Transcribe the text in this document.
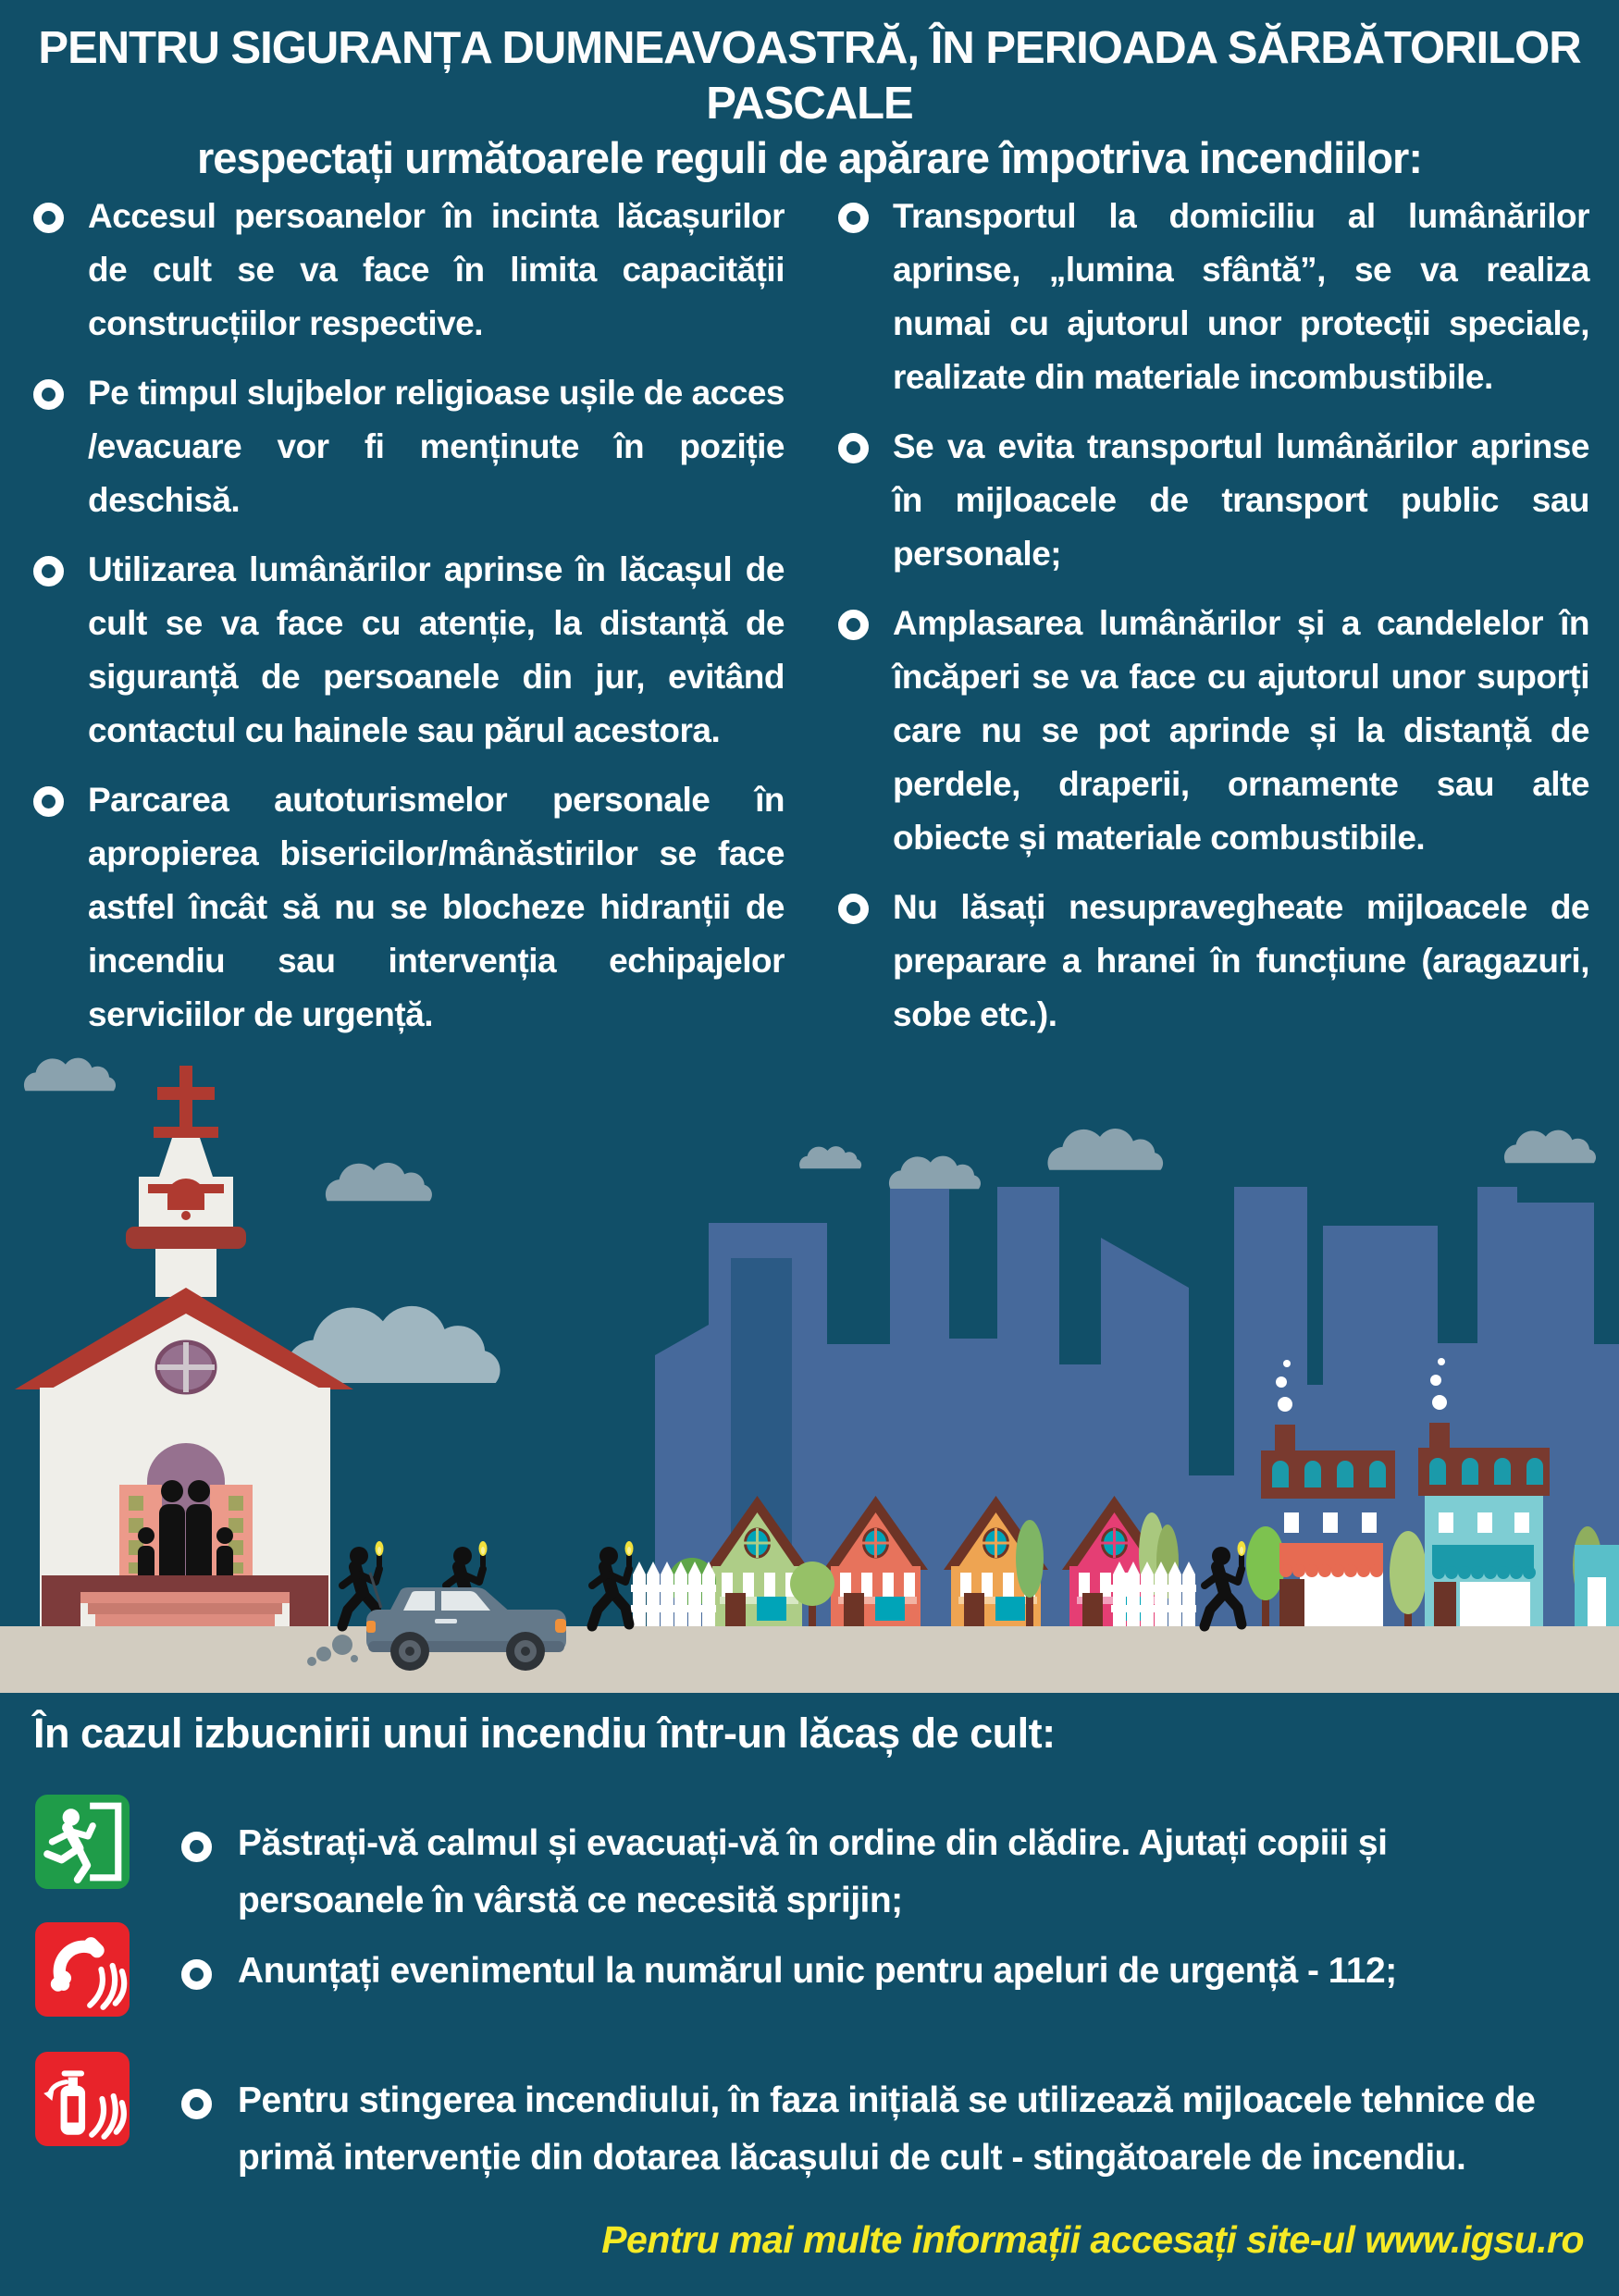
PENTRU SIGURANȚA DUMNEAVOASTRĂ, ÎN PERIOADA SĂRBĂTORILOR PASCALE
respectați următoarele reguli de apărare împotriva incendiilor:

Accesul persoanelor în incinta lăcașurilor de cult se va face în limita capacității construcțiilor respective.

Pe timpul slujbelor religioase ușile de acces /evacuare vor fi menținute în poziție deschisă.

Utilizarea lumânărilor aprinse în lăcașul de cult se va face cu atenție, la distanță de siguranță de persoanele din jur, evitând contactul cu hainele sau părul acestora.

Parcarea autoturismelor personale în apropierea bisericilor/mânăstirilor se face astfel încât să nu se blocheze hidranții de incendiu sau intervenția echipajelor serviciilor de urgență.

Transportul la domiciliu al lumânărilor aprinse, „lumina sfântă”, se va realiza numai cu ajutorul unor protecții speciale, realizate din materiale incombustibile.

Se va evita transportul lumânărilor aprinse în mijloacele de transport public sau personale;

Amplasarea lumânărilor și a candelelor în încăperi se va face cu ajutorul unor suporți care nu se pot aprinde și la distanță de perdele, draperii, ornamente sau alte obiecte și materiale combustibile.

Nu lăsați nesupravegheate mijloacele de preparare a hranei în funcțiune (aragazuri, sobe etc.).

În cazul izbucnirii unui incendiu într-un lăcaș de cult:

Păstrați-vă calmul și evacuați-vă în ordine din clădire. Ajutați copiii și persoanele în vârstă ce necesită sprijin;

Anunțați evenimentul la numărul unic pentru apeluri de urgență - 112;

Pentru stingerea incendiului, în faza inițială se utilizează mijloacele tehnice de primă intervenție din dotarea lăcașului de cult - stingătoarele de incendiu.

Pentru mai multe informații accesați site-ul www.igsu.ro
